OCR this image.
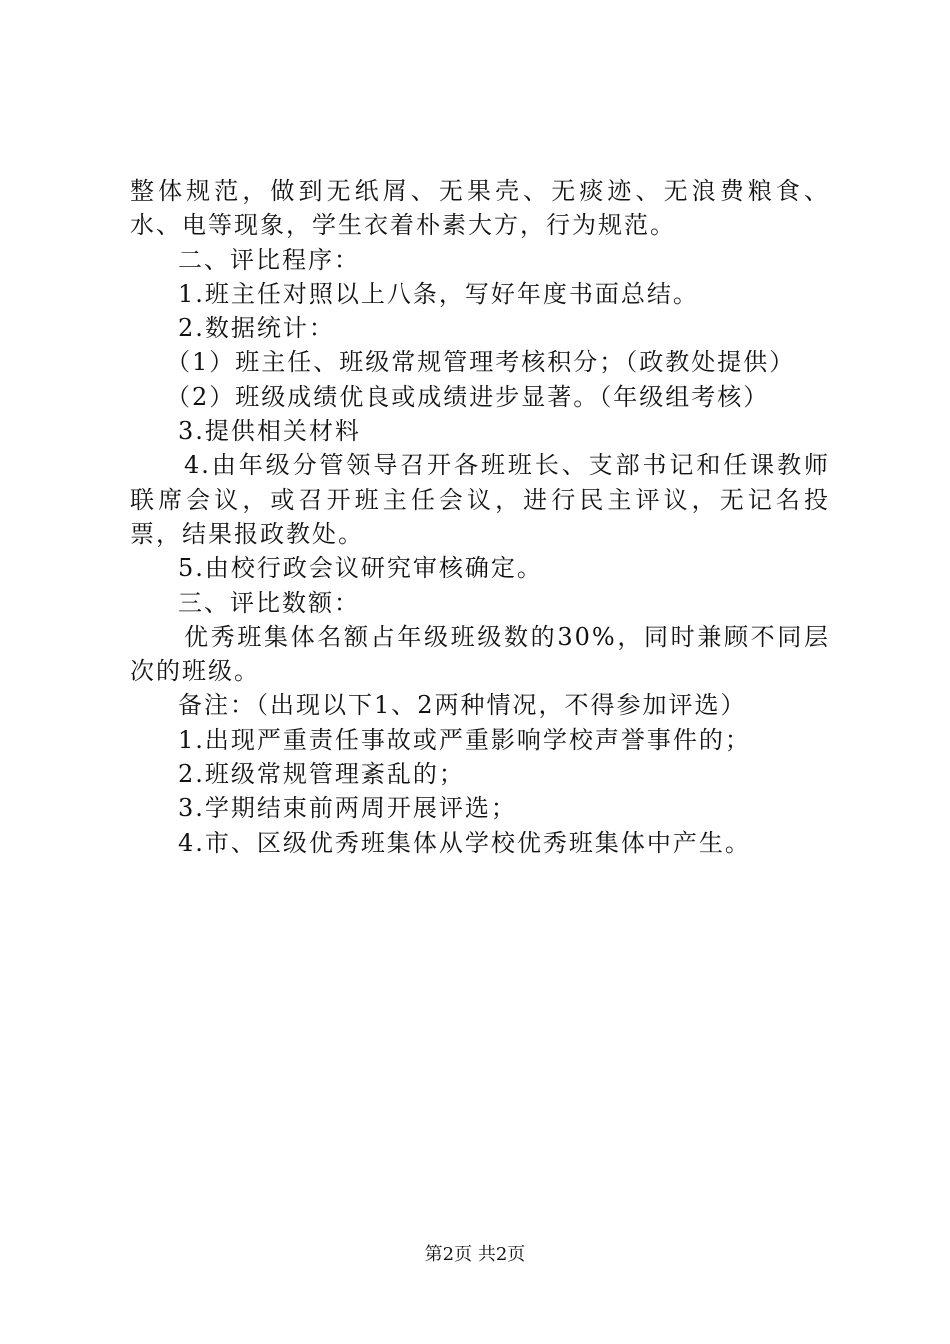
整体规范，做到无纸屑、无果壳、无痰迹、无浪费粮食、水、电等现象，学生衣着朴素大方，行为规范。

二、评比程序：

1.班主任对照以上八条，写好年度书面总结。

2.数据统计：

（1）班主任、班级常规管理考核积分；（政教处提供）

（2）班级成绩优良或成绩进步显著。（年级组考核）

3.提供相关材料

4.由年级分管领导召开各班班长、支部书记和任课教师联席会议，或召开班主任会议，进行民主评议，无记名投票，结果报政教处。

5.由校行政会议研究审核确定。

三、评比数额：

优秀班集体名额占年级班级数的30%，同时兼顾不同层次的班级。

备注：（出现以下1、2两种情况，不得参加评选）

1.出现严重责任事故或严重影响学校声誉事件的；

2.班级常规管理紊乱的；

3.学期结束前两周开展评选；

4.市、区级优秀班集体从学校优秀班集体中产生。

第2页 共2页
